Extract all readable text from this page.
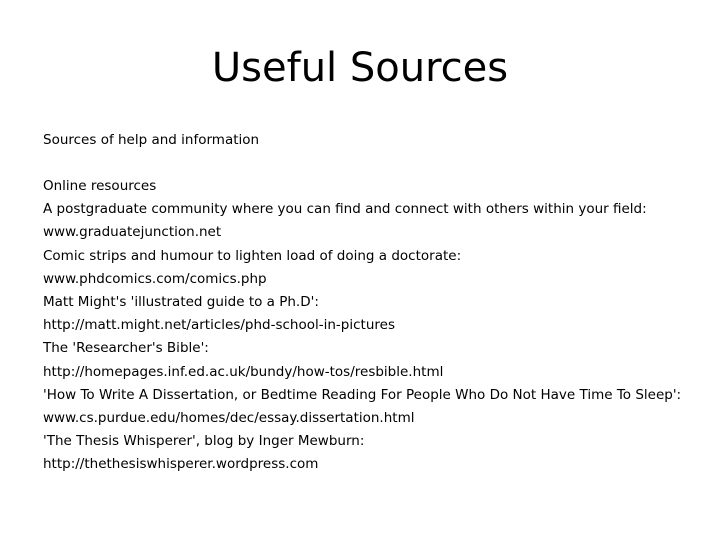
Useful Sources

Sources of help and information

Online resources

A postgraduate community where you can find and connect with others within your field:

www.graduatejunction.net

Comic strips and humour to lighten load of doing a doctorate:

www.phdcomics.com/comics.php

Matt Might's 'illustrated guide to a Ph.D':

http://matt.might.net/articles/phd-school-in-pictures

The 'Researcher's Bible':

http://homepages.inf.ed.ac.uk/bundy/how-tos/resbible.html

'How To Write A Dissertation, or Bedtime Reading For People Who Do Not Have Time To Sleep':

www.cs.purdue.edu/homes/dec/essay.dissertation.html

'The Thesis Whisperer', blog by Inger Mewburn:

http://thethesiswhisperer.wordpress.com
